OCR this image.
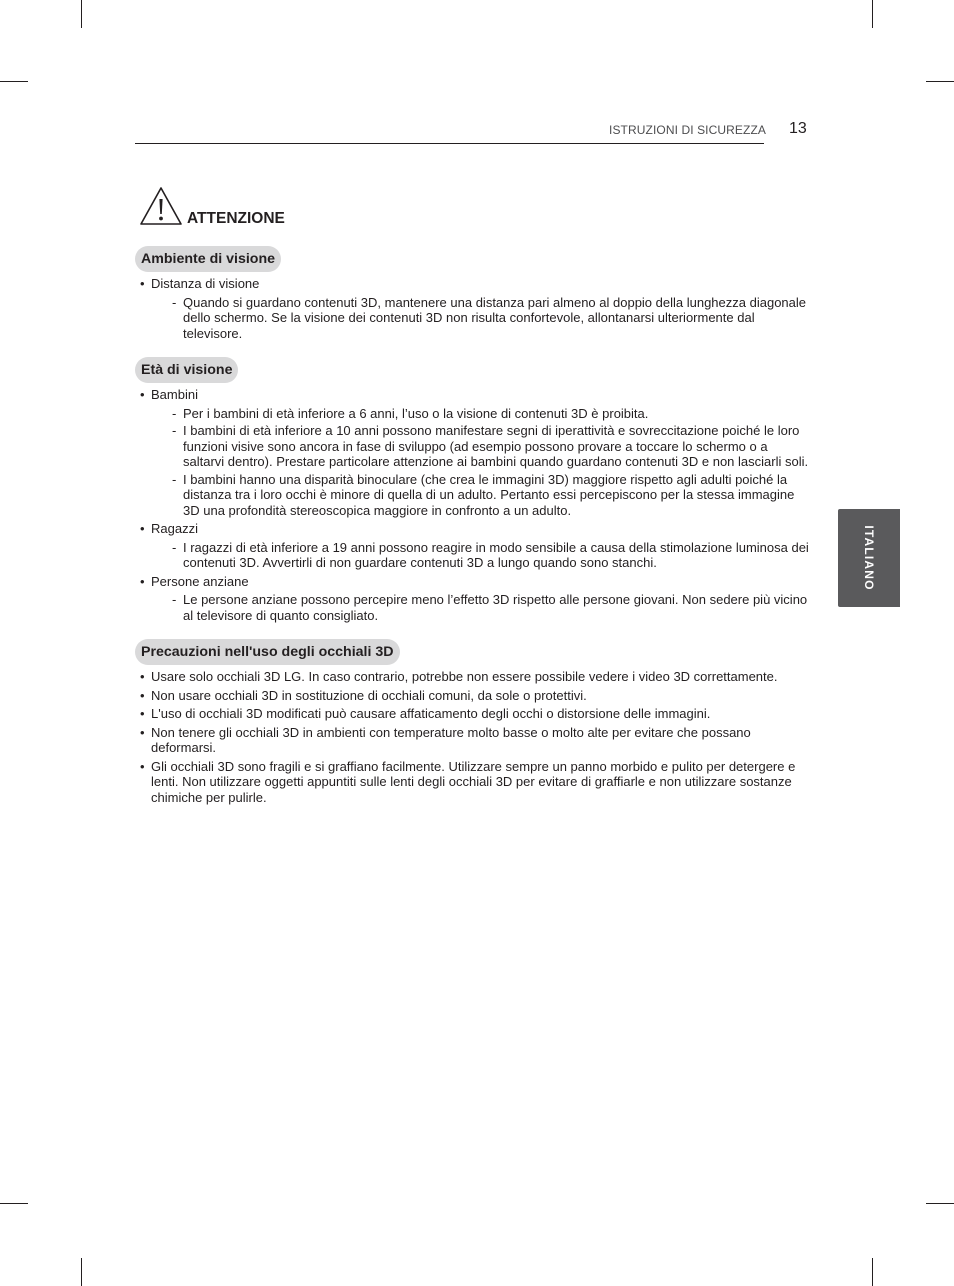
ISTRUZIONI DI SICUREZZA 13
ITALIANO
ATTENZIONE
Ambiente di visione
• Distanza di visione
- Quando si guardano contenuti 3D, mantenere una distanza pari almeno al doppio della lunghezza diagonale dello schermo. Se la visione dei contenuti 3D non risulta confortevole, allontanarsi ulteriormente dal televisore.
Età di visione
• Bambini
- Per i bambini di età inferiore a 6 anni, l’uso o la visione di contenuti 3D è proibita.
- I bambini di età inferiore a 10 anni possono manifestare segni di iperattività e sovreccitazione poiché le loro funzioni visive sono ancora in fase di sviluppo (ad esempio possono provare a toccare lo schermo o a saltarvi dentro). Prestare particolare attenzione ai bambini quando guardano contenuti 3D e non lasciarli soli.
- I bambini hanno una disparità binoculare (che crea le immagini 3D) maggiore rispetto agli adulti poiché la distanza tra i loro occhi è minore di quella di un adulto. Pertanto essi percepiscono per la stessa immagine 3D una profondità stereoscopica maggiore in confronto a un adulto.
• Ragazzi
- I ragazzi di età inferiore a 19 anni possono reagire in modo sensibile a causa della stimolazione luminosa dei contenuti 3D. Avvertirli di non guardare contenuti 3D a lungo quando sono stanchi.
• Persone anziane
- Le persone anziane possono percepire meno l’effetto 3D rispetto alle persone giovani. Non sedere più vicino al televisore di quanto consigliato.
Precauzioni nell'uso degli occhiali 3D
• Usare solo occhiali 3D LG. In caso contrario, potrebbe non essere possibile vedere i video 3D correttamente.
• Non usare occhiali 3D in sostituzione di occhiali comuni, da sole o protettivi.
• L'uso di occhiali 3D modificati può causare affaticamento degli occhi o distorsione delle immagini.
• Non tenere gli occhiali 3D in ambienti con temperature molto basse o molto alte per evitare che possano deformarsi.
• Gli occhiali 3D sono fragili e si graffiano facilmente. Utilizzare sempre un panno morbido e pulito per detergere e lenti. Non utilizzare oggetti appuntiti sulle lenti degli occhiali 3D per evitare di graffiarle e non utilizzare sostanze chimiche per pulirle.
